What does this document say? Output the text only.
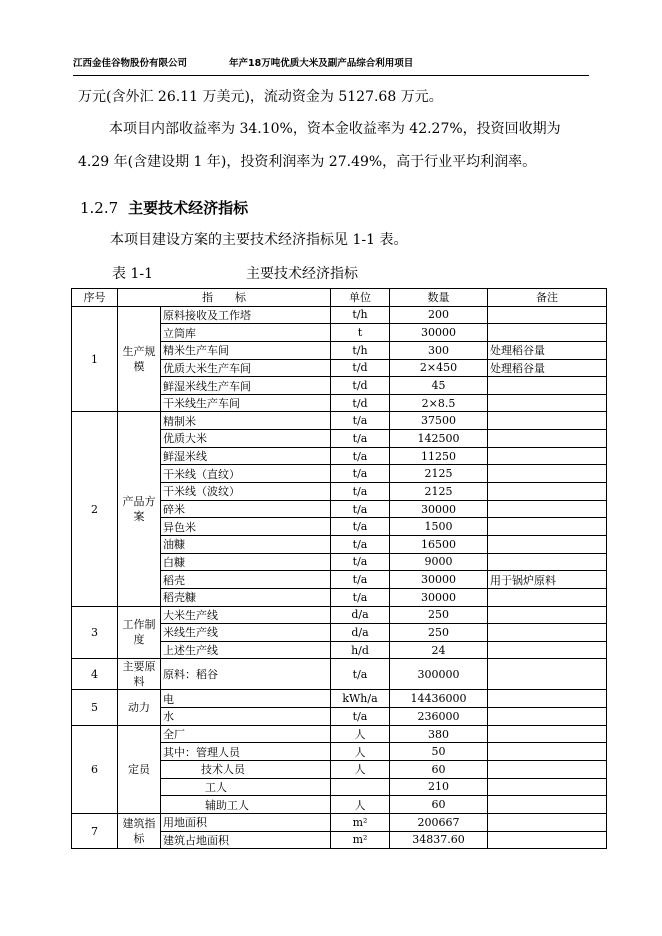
江西金佳谷物股份有限公司	年产18万吨优质大米及副产品综合利用项目
万元(含外汇 26.11 万美元)，流动资金为 5127.68 万元。
本项目内部收益率为 34.10%，资本金收益率为 42.27%，投资回收期为
4.29 年(含建设期 1 年)，投资利润率为 27.49%，高于行业平均利润率。
1.2.7 主要技术经济指标
本项目建设方案的主要技术经济指标见 1-1 表。
表 1-1	主要技术经济指标
序号	指　　标		单位	数量	备注
1	生产规模	原料接收及工作塔	t/h	200	
		立筒库	t	30000	
		精米生产车间	t/h	300	处理稻谷量
		优质大米生产车间	t/d	2×450	处理稻谷量
		鲜湿米线生产车间	t/d	45	
		干米线生产车间	t/d	2×8.5	
2	产品方案	精制米	t/a	37500	
		优质大米	t/a	142500	
		鲜湿米线	t/a	11250	
		干米线（直纹）	t/a	2125	
		干米线（波纹）	t/a	2125	
		碎米	t/a	30000	
		异色米	t/a	1500	
		油糠	t/a	16500	
		白糠	t/a	9000	
		稻壳	t/a	30000	用于锅炉原料
		稻壳糠	t/a	30000	
3	工作制度	大米生产线	d/a	250	
		米线生产线	d/a	250	
		上述生产线	h/d	24	
4	主要原料	原料：稻谷	t/a	300000	
5	动力	电	kWh/a	14436000	
		水	t/a	236000	
6	定员	全厂	人	380	
		其中：管理人员	人	50	
		技术人员	人	60	
		工人		210	
		辅助工人	人	60	
7	建筑指标	用地面积	m²	200667	
		建筑占地面积	m²	34837.60	
